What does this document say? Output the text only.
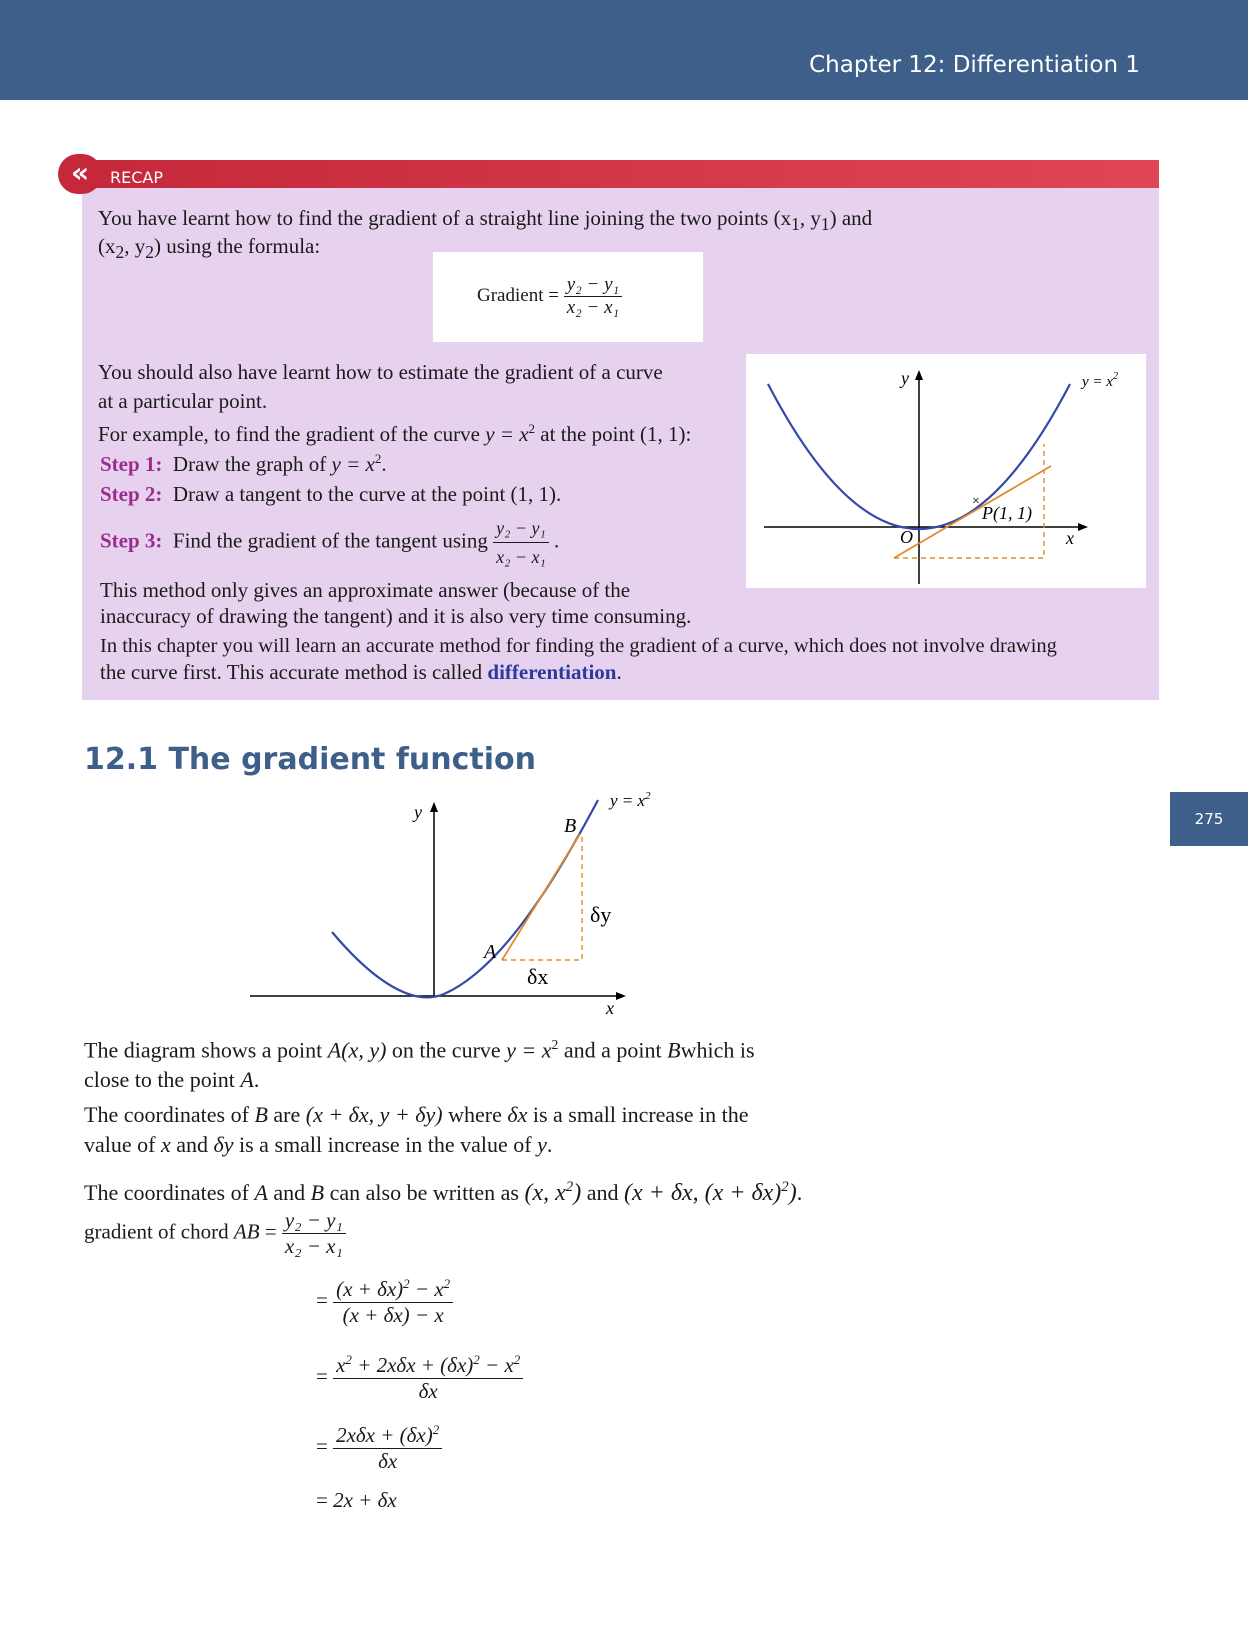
Chapter 12: Differentiation 1
275
«	RECAP
You have learnt how to find the gradient of a straight line joining the two points ($x_1$, $y_1$) and
($x_2$, $y_2$) using the formula:
Gradient = $\frac{\text{y₂ − y₁}}{\text{x₂ − x₁}}$
You should also have learnt how to estimate the gradient of a curve
at a particular point.
For example, to find the gradient of the curve $y = x^2$ at the point (1, 1):
Step 1: Draw the graph of $y = x^2$.
Step 2: Draw a tangent to the curve at the point (1, 1).
Step 3: Find the gradient of the tangent using $\frac{\text{y₂ − y₁}}{\text{x₂ − x₁}}$ .
This method only gives an approximate answer (because of the
inaccuracy of drawing the tangent) and it is also very time consuming.
In this chapter you will learn an accurate method for finding the gradient of a curve, which does not involve drawing
the curve first. This accurate method is called differentiation.
×
P(1, 1)
O	x
y	$y = x^2$
12.1 The gradient function
A
B
δx
δy
x
y
$y = x^2$
The diagram shows a point A(x, y) on the curve $y = x^2$ and a point Bwhich is
close to the point A.
The coordinates of B are (x + δx, y + δy) where δx is a small increase in the
value of x and δy is a small increase in the value of y.
The coordinates of A and B can also be written as (x, $x^2$) and (x + δx, $(x + \delta x)^2$).
gradient of chord AB = $\frac{\text{y₂ − y₁}}{\text{x₂ − x₁}}$
= $\frac{(x + \delta x)^2 - x^2}{(x + \delta x) - x}$
= $\frac{x^2 + 2x\delta x + (\delta x)^2 - x^2}{\delta x}$
= $\frac{2x\delta x + (\delta x)^2}{\delta x}$
= 2x + δx
